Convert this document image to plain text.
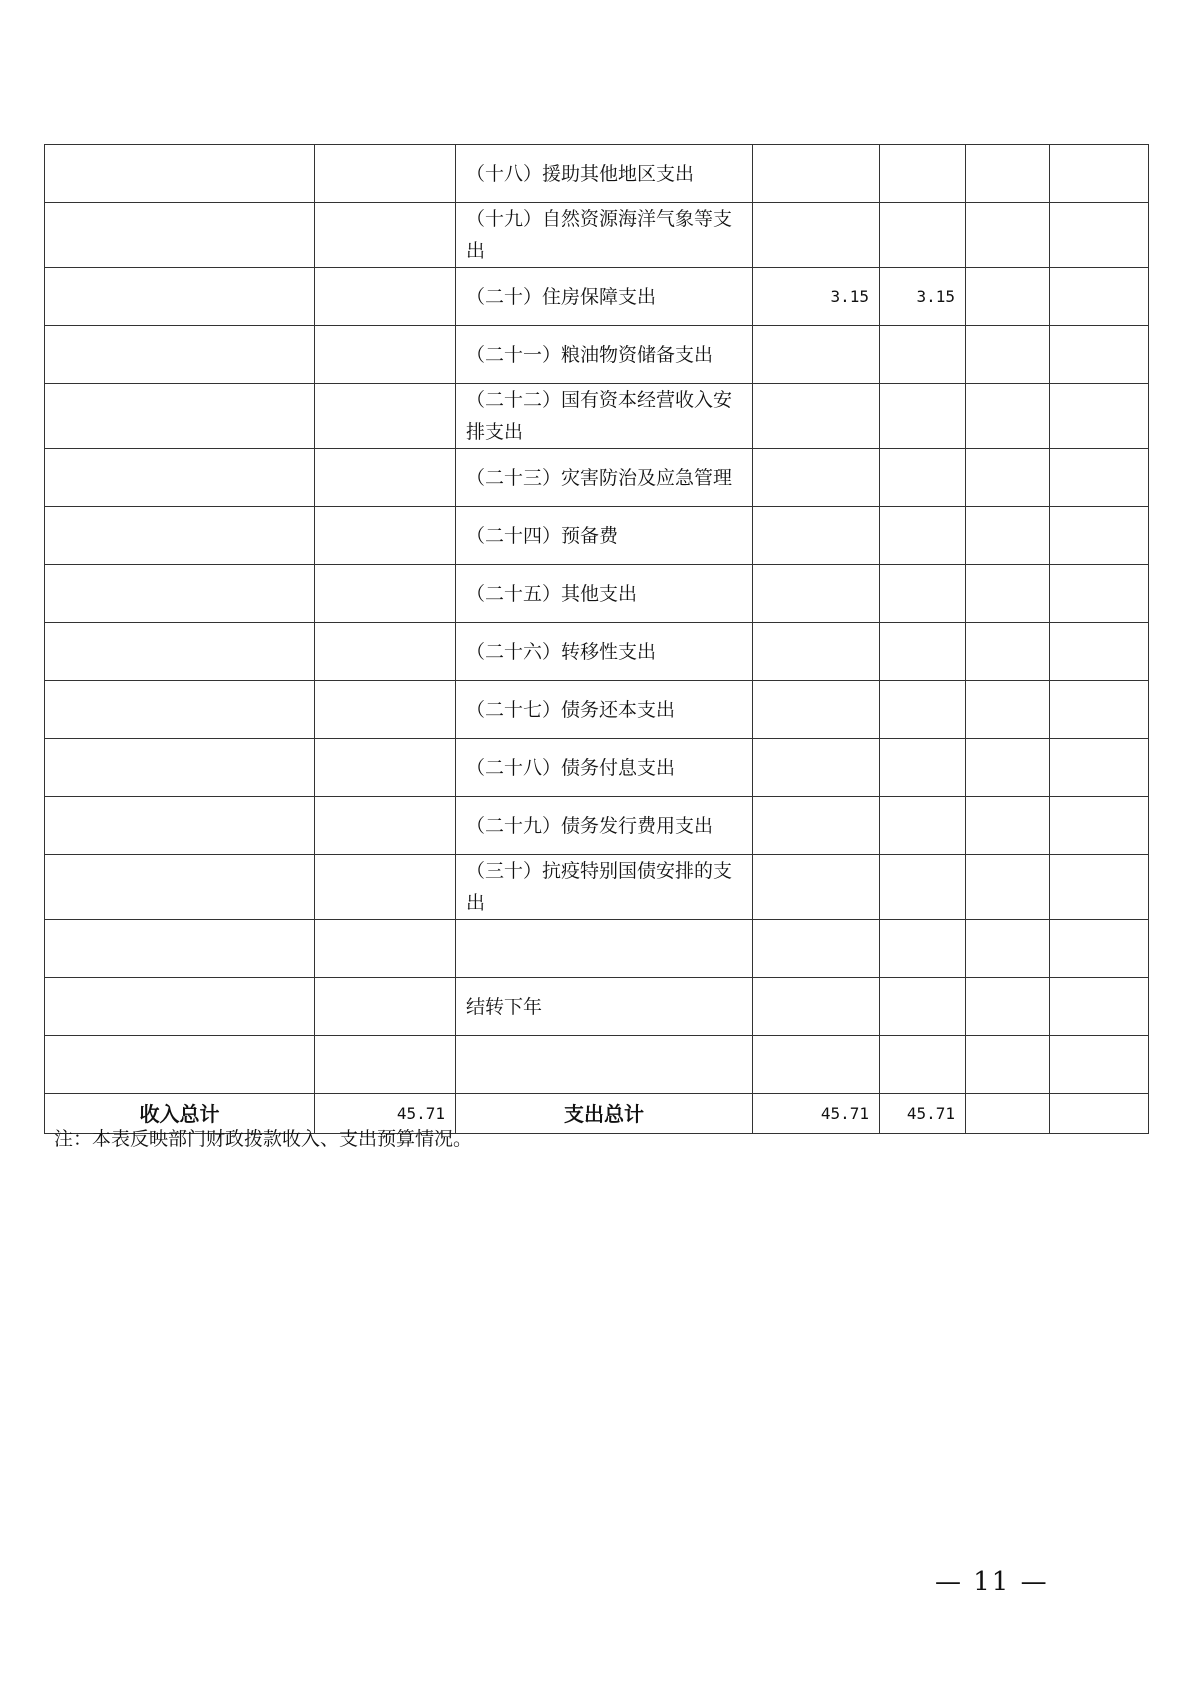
		（十八）援助其他地区支出				
		（十九）自然资源海洋气象等支出				
		（二十）住房保障支出	3.15	3.15		
		（二十一）粮油物资储备支出				
		（二十二）国有资本经营收入安排支出				
		（二十三）灾害防治及应急管理				
		（二十四）预备费				
		（二十五）其他支出				
		（二十六）转移性支出				
		（二十七）债务还本支出				
		（二十八）债务付息支出				
		（二十九）债务发行费用支出				
		（三十）抗疫特别国债安排的支出				

		结转下年				

收入总计	45.71	支出总计	45.71	45.71		
注：本表反映部门财政拨款收入、支出预算情况。
— 11 —
